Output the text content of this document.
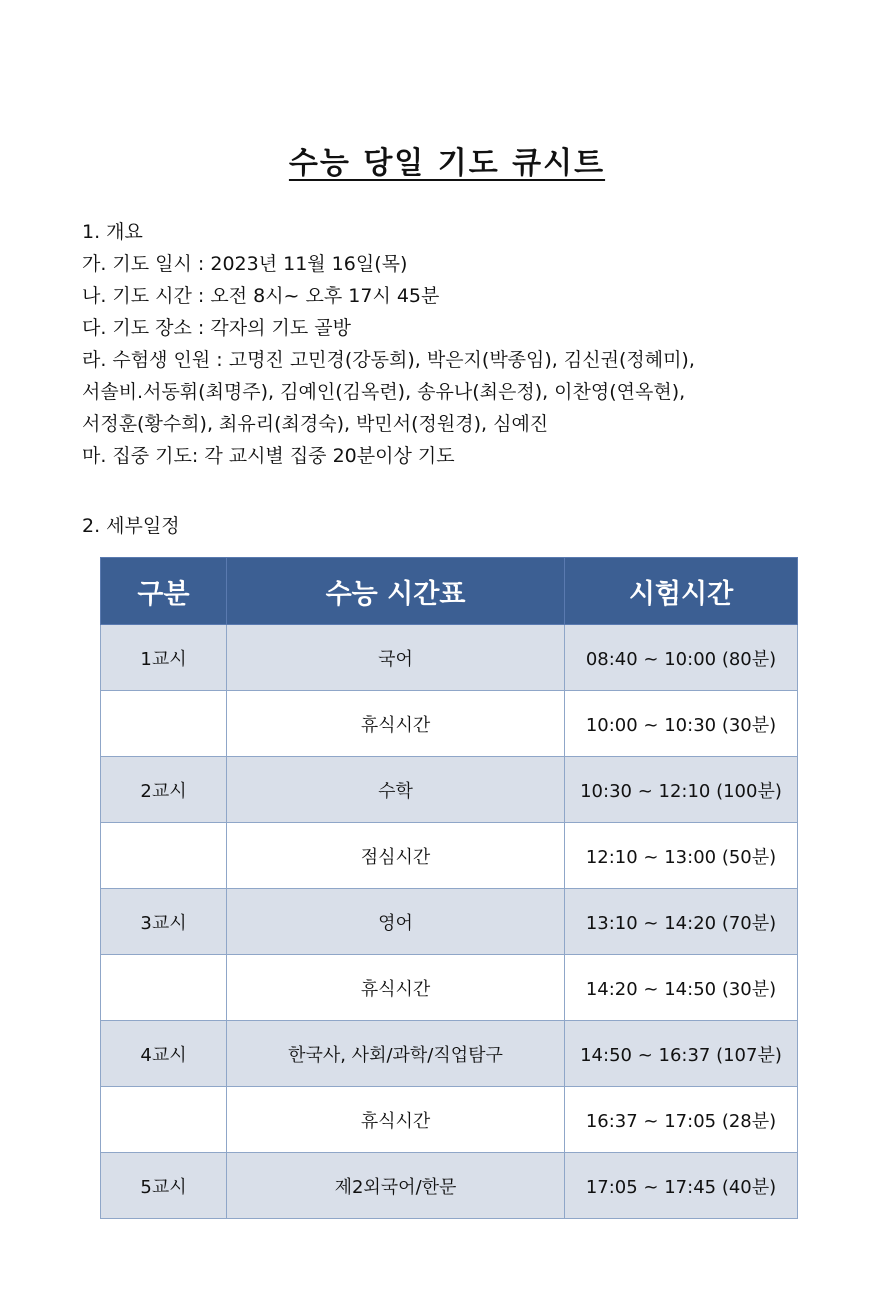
수능 당일 기도 큐시트
1. 개요
가. 기도 일시 : 2023년 11월 16일(목)
나. 기도 시간 : 오전 8시~ 오후 17시 45분
다. 기도 장소 : 각자의 기도 골방
라. 수험생 인원 : 고명진 고민경(강동희), 박은지(박종임), 김신권(정혜미),
서솔비.서동휘(최명주), 김예인(김옥련), 송유나(최은정), 이찬영(연옥현),
서정훈(황수희), 최유리(최경숙), 박민서(정원경), 심예진
마. 집중 기도: 각 교시별 집중 20분이상 기도
2. 세부일정
구분	수능 시간표	시험시간
1교시	국어	08:40 ~ 10:00 (80분)
	휴식시간	10:00 ~ 10:30 (30분)
2교시	수학	10:30 ~ 12:10 (100분)
	점심시간	12:10 ~ 13:00 (50분)
3교시	영어	13:10 ~ 14:20 (70분)
	휴식시간	14:20 ~ 14:50 (30분)
4교시	한국사, 사회/과학/직업탐구	14:50 ~ 16:37 (107분)
	휴식시간	16:37 ~ 17:05 (28분)
5교시	제2외국어/한문	17:05 ~ 17:45 (40분)
